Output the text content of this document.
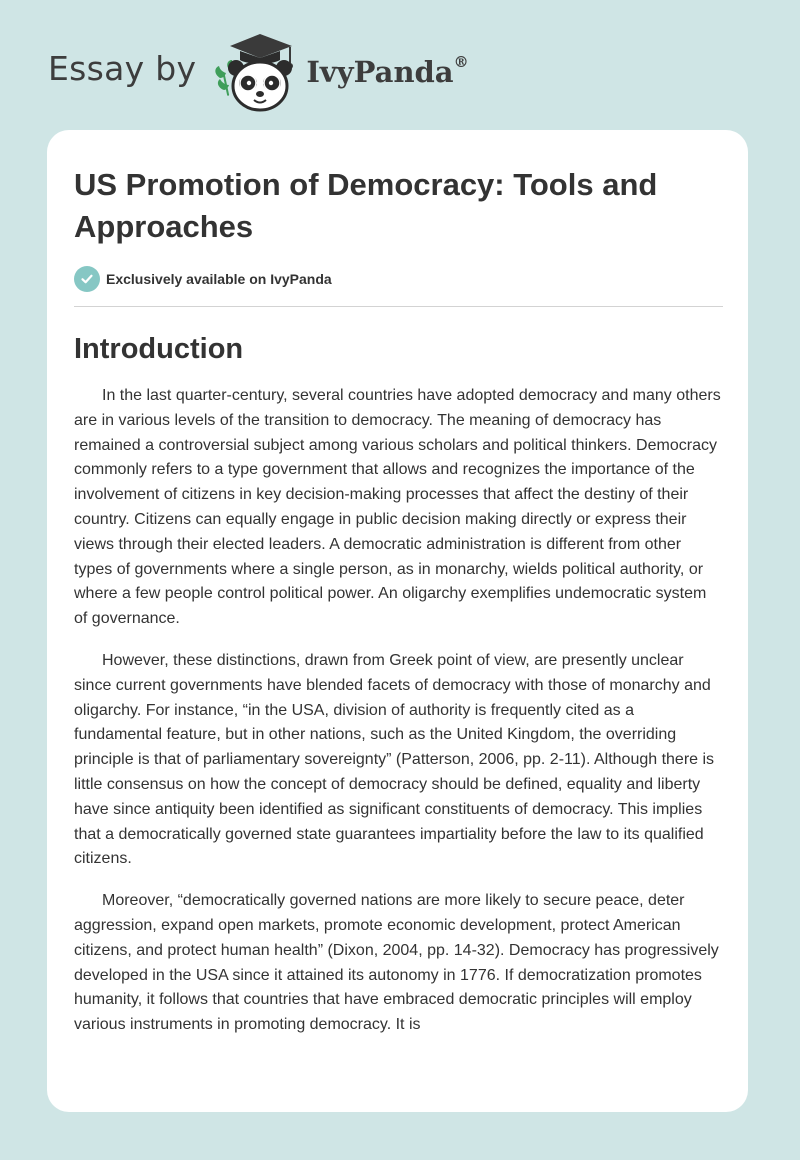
Essay by	IvyPanda®
US Promotion of Democracy: Tools and Approaches
Exclusively available on IvyPanda
Introduction

In the last quarter-century, several countries have adopted democracy and many others are in various levels of the transition to democracy. The meaning of democracy has remained a controversial subject among various scholars and political thinkers. Democracy commonly refers to a type government that allows and recognizes the importance of the involvement of citizens in key decision-making processes that affect the destiny of their country. Citizens can equally engage in public decision making directly or express their views through their elected leaders. A democratic administration is different from other types of governments where a single person, as in monarchy, wields political authority, or where a few people control political power. An oligarchy exemplifies undemocratic system of governance.

However, these distinctions, drawn from Greek point of view, are presently unclear since current governments have blended facets of democracy with those of monarchy and oligarchy. For instance, “in the USA, division of authority is frequently cited as a fundamental feature, but in other nations, such as the United Kingdom, the overriding principle is that of parliamentary sovereignty” (Patterson, 2006, pp. 2-11). Although there is little consensus on how the concept of democracy should be defined, equality and liberty have since antiquity been identified as significant constituents of democracy. This implies that a democratically governed state guarantees impartiality before the law to its qualified citizens.

Moreover, “democratically governed nations are more likely to secure peace, deter aggression, expand open markets, promote economic development, protect American citizens, and protect human health” (Dixon, 2004, pp. 14-32). Democracy has progressively developed in the USA since it attained its autonomy in 1776. If democratization promotes humanity, it follows that countries that have embraced democratic principles will employ various instruments in promoting democracy. It is
